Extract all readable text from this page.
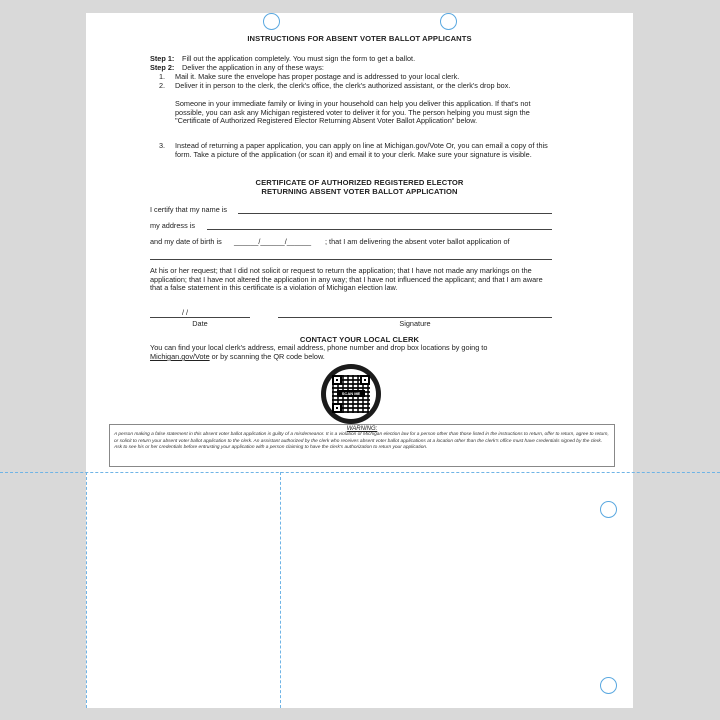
INSTRUCTIONS FOR ABSENT VOTER BALLOT APPLICANTS
Step 1: Fill out the application completely. You must sign the form to get a ballot.
Step 2: Deliver the application in any of these ways:
1. Mail it. Make sure the envelope has proper postage and is addressed to your local clerk.
2. Deliver it in person to the clerk, the clerk's office, the clerk's authorized assistant, or the clerk's drop box.
Someone in your immediate family or living in your household can help you deliver this application. If that's not possible, you can ask any Michigan registered voter to deliver it for you. The person helping you must sign the "Certificate of Authorized Registered Elector Returning Absent Voter Ballot Application" below.
3. Instead of returning a paper application, you can apply on line at Michigan.gov/Vote Or, you can email a copy of this form. Take a picture of the application (or scan it) and email it to your clerk. Make sure your signature is visible.
CERTIFICATE OF AUTHORIZED REGISTERED ELECTOR
RETURNING ABSENT VOTER BALLOT APPLICATION
I certify that my name is
my address is
and my date of birth is ______/______/______ ; that I am delivering the absent voter ballot application of
At his or her request; that I did not solicit or request to return the application; that I have not made any markings on the application; that I have not altered the application in any way; that I have not influenced the applicant; and that I am aware that a false statement in this certificate is a violation of Michigan election law.
/ /
Date	Signature
CONTACT YOUR LOCAL CLERK
You can find your local clerk's address, email address, phone number and drop box locations by going to
Michigan.gov/Vote or by scanning the QR code below.
SCAN ME
WARNING:
A person making a false statement in this absent voter ballot application is guilty of a misdemeanor. It is a violation of Michigan election law for a person other than those listed in the instructions to return, offer to return, agree to return, or solicit to return your absent voter ballot application to the clerk. An assistant authorized by the clerk who receives absent voter ballot applications at a location other than the clerk's office must have credentials signed by the clerk. Ask to see his or her credentials before entrusting your application with a person claiming to have the clerk's authorization to return your application.
